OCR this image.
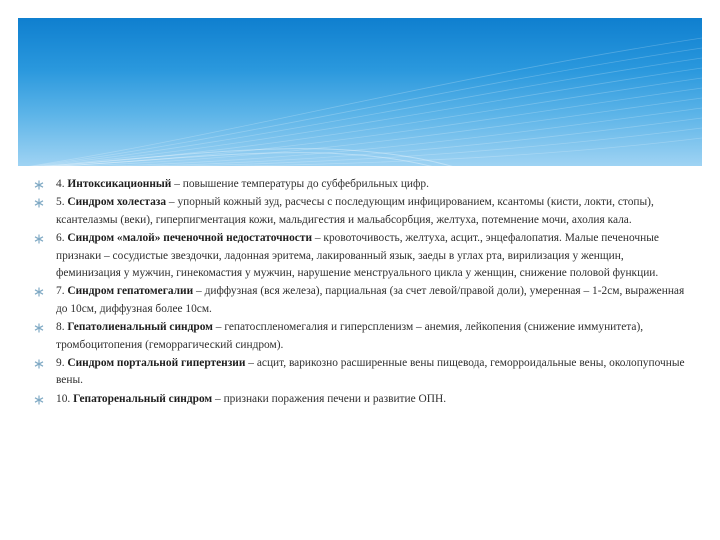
4. Интоксикационный – повышение температуры до субфебрильных цифр.
5. Синдром холестаза – упорный кожный зуд, расчесы с последующим инфицированием, ксантомы (кисти, локти, стопы), ксантелазмы (веки), гиперпигментация кожи, мальдигестия и мальабсорбция, желтуха, потемнение мочи, ахолия кала.
6. Синдром «малой» печеночной недостаточности – кровоточивость, желтуха, асцит., энцефалопатия. Малые печеночные признаки – сосудистые звездочки, ладонная эритема, лакированный язык, заеды в углах рта, вирилизация у женщин, феминизация у мужчин, гинекомастия у мужчин, нарушение менструального цикла у женщин, снижение половой функции.
7. Синдром гепатомегалии – диффузная (вся железа), парциальная (за счет левой/правой доли), умеренная – 1-2см, выраженная до 10см, диффузная более 10см.
8. Гепатолиенальный синдром – гепатоспленомегалия и гиперспленизм – анемия, лейкопения (снижение иммунитета), тромбоцитопения (геморрагический синдром).
9. Синдром портальной гипертензии – асцит, варикозно расширенные вены пищевода, геморроидальные вены, околопупочные вены.
10. Гепаторенальный синдром – признаки поражения печени и развитие ОПН.
